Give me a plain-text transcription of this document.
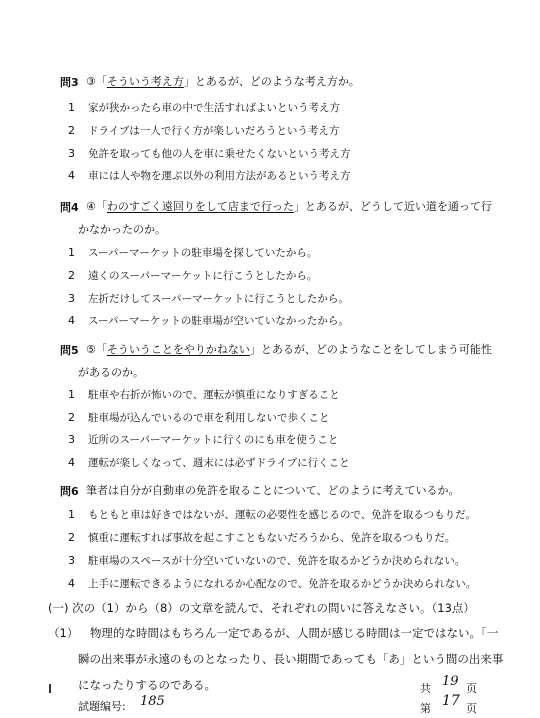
問3 ③「そういう考え方」とあるが、どのような考え方か。
1 家が狭かったら車の中で生活すればよいという考え方
2 ドライブは一人で行く方が楽しいだろうという考え方
3 免許を取っても他の人を車に乗せたくないという考え方
4 車には人や物を運ぶ以外の利用方法があるという考え方
問4 ④「わのすごく遠回りをして店まで行った」とあるが、どうして近い道を通って行
かなかったのか。
1 スーパーマーケットの駐車場を探していたから。
2 遠くのスーパーマーケットに行こうとしたから。
3 左折だけしてスーパーマーケットに行こうとしたから。
4 スーパーマーケットの駐車場が空いていなかったから。
問5 ⑤「そういうことをやりかねない」とあるが、どのようなことをしてしまう可能性
があるのか。
1 駐車や右折が怖いので、運転が慎重になりすぎること
2 駐車場が込んでいるので車を利用しないで歩くこと
3 近所のスーパーマーケットに行くのにも車を使うこと
4 運転が楽しくなって、週末には必ずドライブに行くこと
問6 筆者は自分が自動車の免許を取ることについて、どのように考えているか。
1 もともと車は好きではないが、運転の必要性を感じるので、免許を取るつもりだ。
2 慎重に運転すれば事故を起こすこともないだろうから、免許を取るつもりだ。
3 駐車場のスペースが十分空いていないので、免許を取るかどうか決められない。
4 上手に運転できるようになれるか心配なので、免許を取るかどうか決められない。
(一) 次の（1）から（8）の文章を読んで、それぞれの問いに答えなさい。（13点）
（1） 物理的な時間はもちろん一定であるが、人間が感じる時間は一定ではない。「一
瞬の出来事が永遠のものとなったり、長い期間であっても「あ」という間の出来事
になったりするのである。
試題编号: 185
共 19 页
第 17 页
